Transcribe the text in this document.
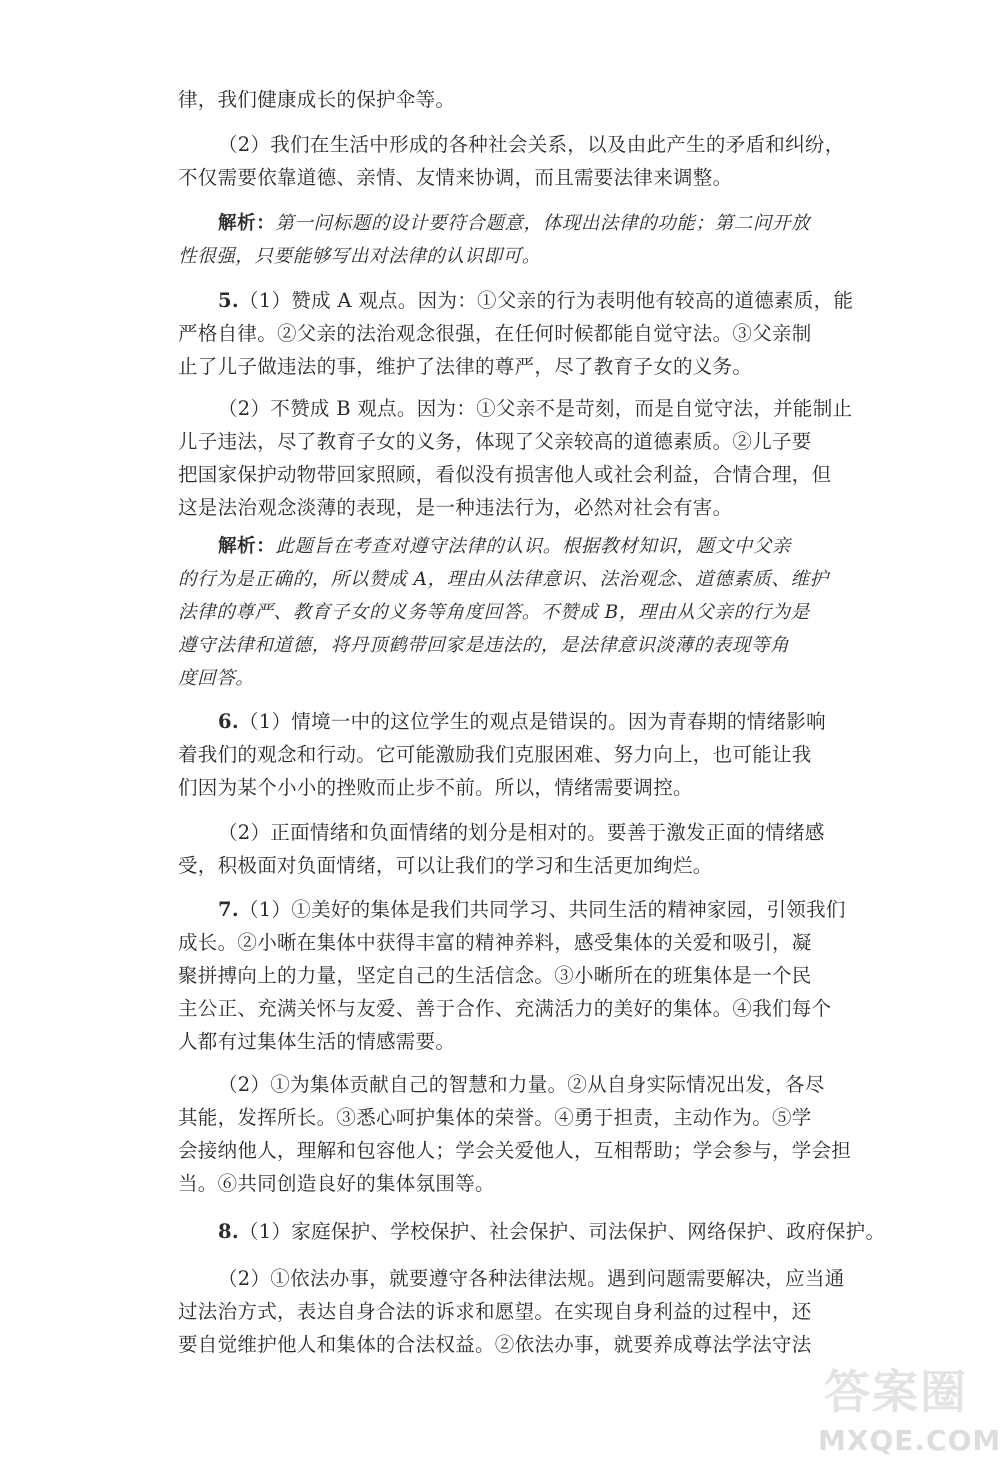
律，我们健康成长的保护伞等。
（2）我们在生活中形成的各种社会关系，以及由此产生的矛盾和纠纷，
不仅需要依靠道德、亲情、友情来协调，而且需要法律来调整。
解析：第一问标题的设计要符合题意，体现出法律的功能；第二问开放
性很强，只要能够写出对法律的认识即可。
5.（1）赞成 A 观点。因为：①父亲的行为表明他有较高的道德素质，能
严格自律。②父亲的法治观念很强，在任何时候都能自觉守法。③父亲制
止了儿子做违法的事，维护了法律的尊严，尽了教育子女的义务。
（2）不赞成 B 观点。因为：①父亲不是苛刻，而是自觉守法，并能制止
儿子违法，尽了教育子女的义务，体现了父亲较高的道德素质。②儿子要
把国家保护动物带回家照顾，看似没有损害他人或社会利益，合情合理，但
这是法治观念淡薄的表现，是一种违法行为，必然对社会有害。
解析：此题旨在考查对遵守法律的认识。根据教材知识，题文中父亲
的行为是正确的，所以赞成 A，理由从法律意识、法治观念、道德素质、维护
法律的尊严、教育子女的义务等角度回答。不赞成 B，理由从父亲的行为是
遵守法律和道德，将丹顶鹤带回家是违法的，是法律意识淡薄的表现等角
度回答。
6.（1）情境一中的这位学生的观点是错误的。因为青春期的情绪影响
着我们的观念和行动。它可能激励我们克服困难、努力向上，也可能让我
们因为某个小小的挫败而止步不前。所以，情绪需要调控。
（2）正面情绪和负面情绪的划分是相对的。要善于激发正面的情绪感
受，积极面对负面情绪，可以让我们的学习和生活更加绚烂。
7.（1）①美好的集体是我们共同学习、共同生活的精神家园，引领我们
成长。②小晰在集体中获得丰富的精神养料，感受集体的关爱和吸引，凝
聚拼搏向上的力量，坚定自己的生活信念。③小晰所在的班集体是一个民
主公正、充满关怀与友爱、善于合作、充满活力的美好的集体。④我们每个
人都有过集体生活的情感需要。
（2）①为集体贡献自己的智慧和力量。②从自身实际情况出发，各尽
其能，发挥所长。③悉心呵护集体的荣誉。④勇于担责，主动作为。⑤学
会接纳他人，理解和包容他人；学会关爱他人，互相帮助；学会参与，学会担
当。⑥共同创造良好的集体氛围等。
8.（1）家庭保护、学校保护、社会保护、司法保护、网络保护、政府保护。
（2）①依法办事，就要遵守各种法律法规。遇到问题需要解决，应当通
过法治方式，表达自身合法的诉求和愿望。在实现自身利益的过程中，还
要自觉维护他人和集体的合法权益。②依法办事，就要养成尊法学法守法
答案圈
MXQE.COM
